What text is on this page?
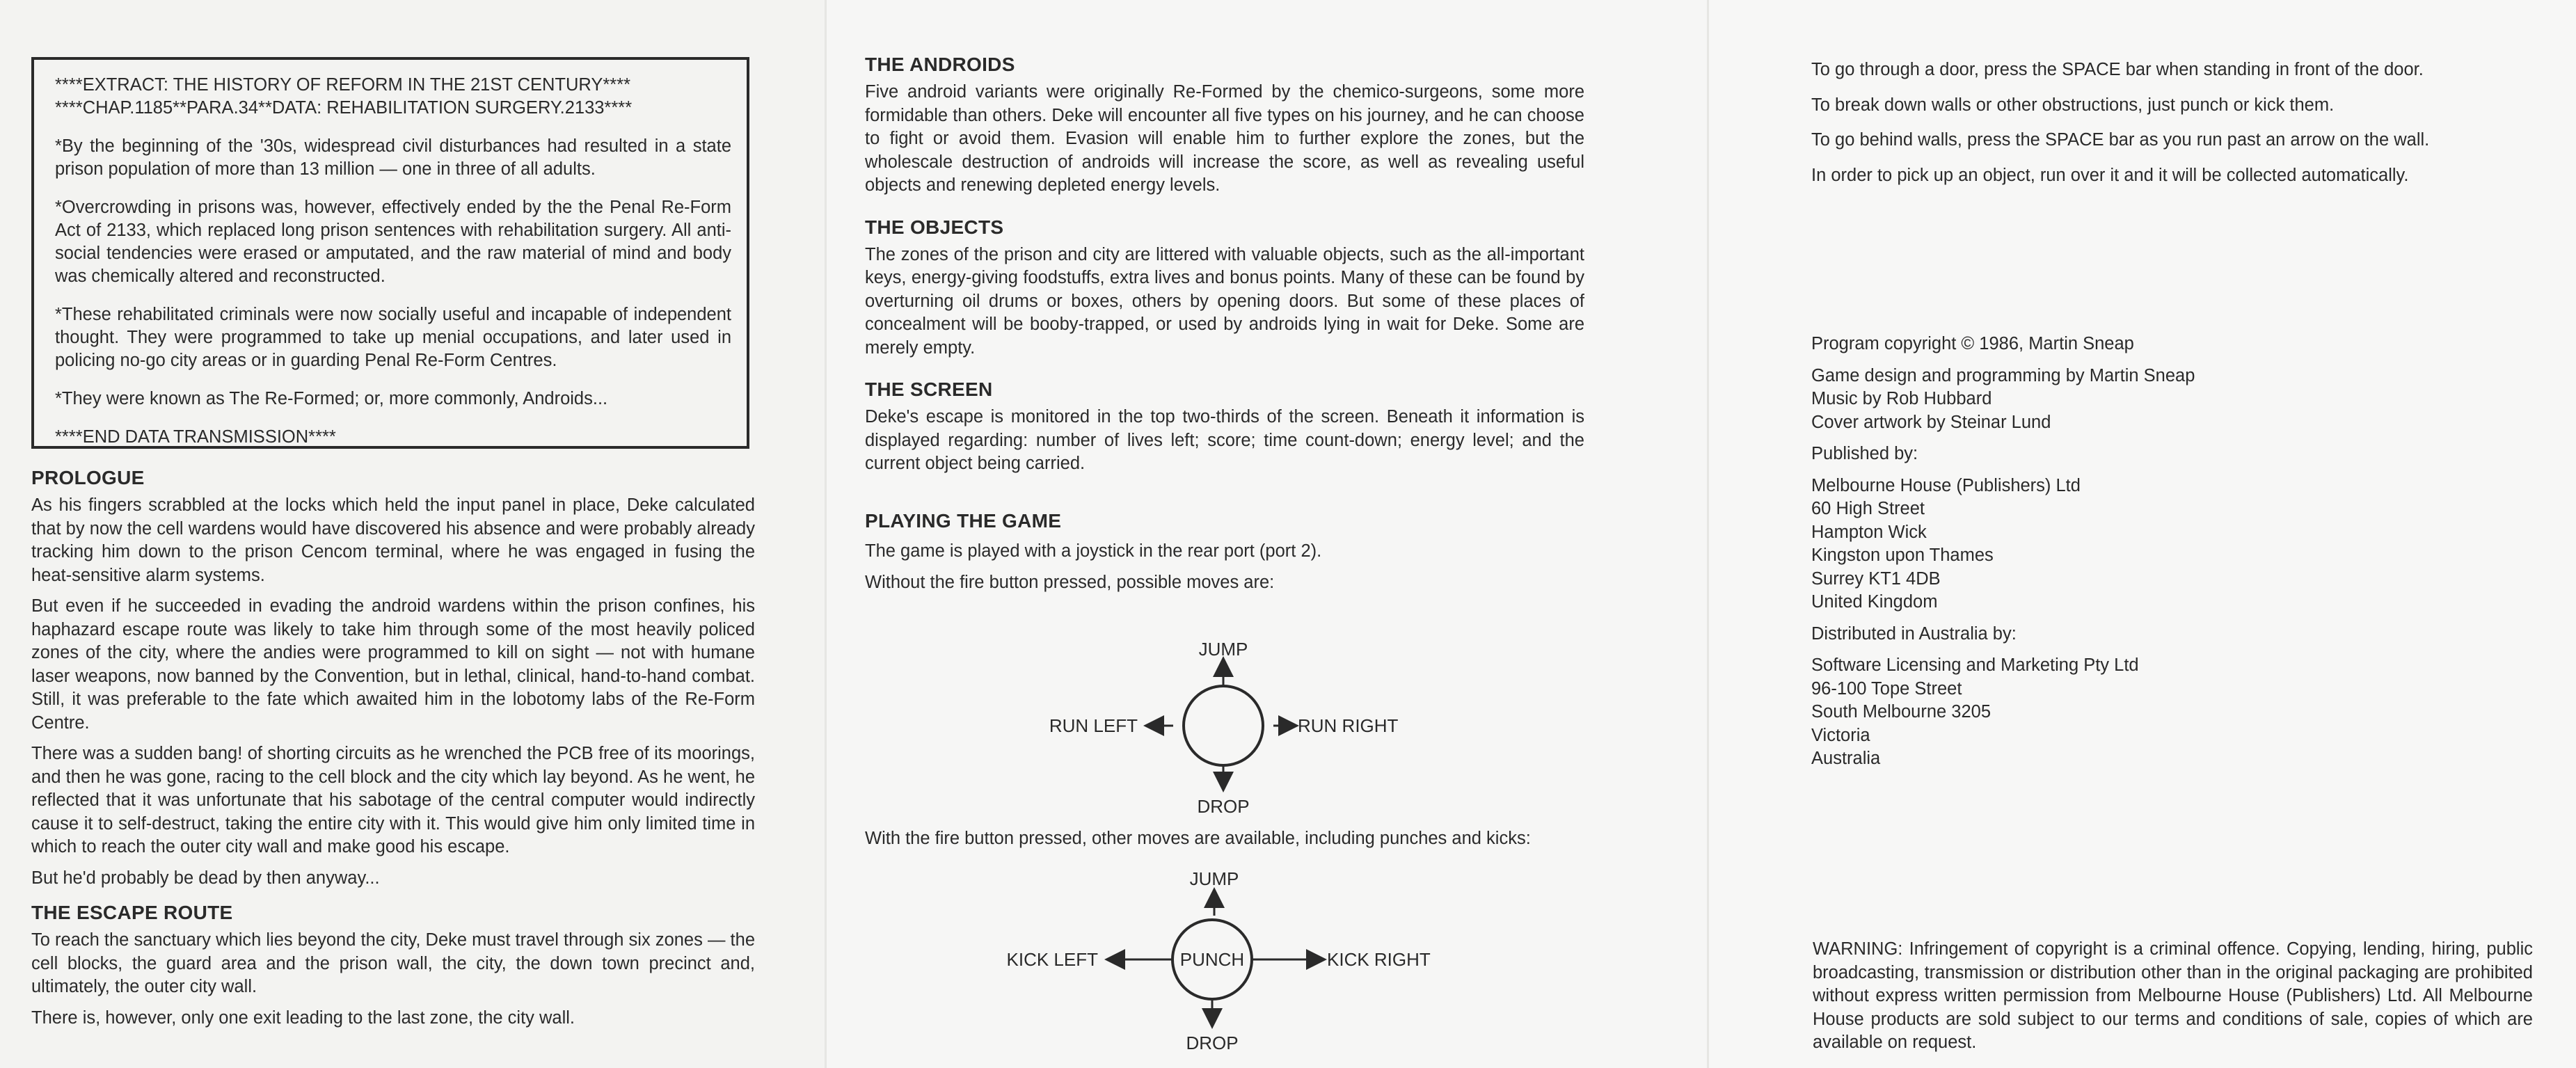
****EXTRACT: THE HISTORY OF REFORM IN THE 21ST CENTURY****
****CHAP.1185**PARA.34**DATA: REHABILITATION SURGERY.2133****

*By the beginning of the '30s, widespread civil disturbances had resulted in a state prison population of more than 13 million — one in three of all adults.

*Overcrowding in prisons was, however, effectively ended by the the Penal Re-Form Act of 2133, which replaced long prison sentences with rehabilitation surgery. All anti-social tendencies were erased or amputated, and the raw material of mind and body was chemically altered and reconstructed.

*These rehabilitated criminals were now socially useful and incapable of independent thought. They were programmed to take up menial occupations, and later used in policing no-go city areas or in guarding Penal Re-Form Centres.

*They were known as The Re-Formed; or, more commonly, Androids...

****END DATA TRANSMISSION****

PROLOGUE

As his fingers scrabbled at the locks which held the input panel in place, Deke calculated that by now the cell wardens would have discovered his absence and were probably already tracking him down to the prison Cencom terminal, where he was engaged in fusing the heat-sensitive alarm systems.

But even if he succeeded in evading the android wardens within the prison confines, his haphazard escape route was likely to take him through some of the most heavily policed zones of the city, where the andies were programmed to kill on sight — not with humane laser weapons, now banned by the Convention, but in lethal, clinical, hand-to-hand combat. Still, it was preferable to the fate which awaited him in the lobotomy labs of the Re-Form Centre.

There was a sudden bang! of shorting circuits as he wrenched the PCB free of its moorings, and then he was gone, racing to the cell block and the city which lay beyond. As he went, he reflected that it was unfortunate that his sabotage of the central computer would indirectly cause it to self-destruct, taking the entire city with it. This would give him only limited time in which to reach the outer city wall and make good his escape.

But he'd probably be dead by then anyway...

THE ESCAPE ROUTE

To reach the sanctuary which lies beyond the city, Deke must travel through six zones — the cell blocks, the guard area and the prison wall, the city, the down town precinct and, ultimately, the outer city wall.

There is, however, only one exit leading to the last zone, the city wall.

THE ANDROIDS

Five android variants were originally Re-Formed by the chemico-surgeons, some more formidable than others. Deke will encounter all five types on his journey, and he can choose to fight or avoid them. Evasion will enable him to further explore the zones, but the wholescale destruction of androids will increase the score, as well as revealing useful objects and renewing depleted energy levels.

THE OBJECTS

The zones of the prison and city are littered with valuable objects, such as the all-important keys, energy-giving foodstuffs, extra lives and bonus points. Many of these can be found by overturning oil drums or boxes, others by opening doors. But some of these places of concealment will be booby-trapped, or used by androids lying in wait for Deke. Some are merely empty.

THE SCREEN

Deke's escape is monitored in the top two-thirds of the screen. Beneath it information is displayed regarding: number of lives left; score; time count-down; energy level; and the current object being carried.

PLAYING THE GAME

The game is played with a joystick in the rear port (port 2).

Without the fire button pressed, possible moves are:

With the fire button pressed, other moves are available, including punches and kicks:

JUMP
RUN LEFT	RUN RIGHT
DROP
JUMP
PUNCH
KICK LEFT	KICK RIGHT
DROP

To go through a door, press the SPACE bar when standing in front of the door.

To break down walls or other obstructions, just punch or kick them.

To go behind walls, press the SPACE bar as you run past an arrow on the wall.

In order to pick up an object, run over it and it will be collected automatically.

Program copyright © 1986, Martin Sneap
Game design and programming by Martin Sneap
Music by Rob Hubbard
Cover artwork by Steinar Lund
Published by:
Melbourne House (Publishers) Ltd
60 High Street
Hampton Wick
Kingston upon Thames
Surrey KT1 4DB
United Kingdom
Distributed in Australia by:
Software Licensing and Marketing Pty Ltd
96-100 Tope Street
South Melbourne 3205
Victoria
Australia
WARNING: Infringement of copyright is a criminal offence. Copying, lending, hiring, public broadcasting, transmission or distribution other than in the original packaging are prohibited without express written permission from Melbourne House (Publishers) Ltd. All Melbourne House products are sold subject to our terms and conditions of sale, copies of which are available on request.
